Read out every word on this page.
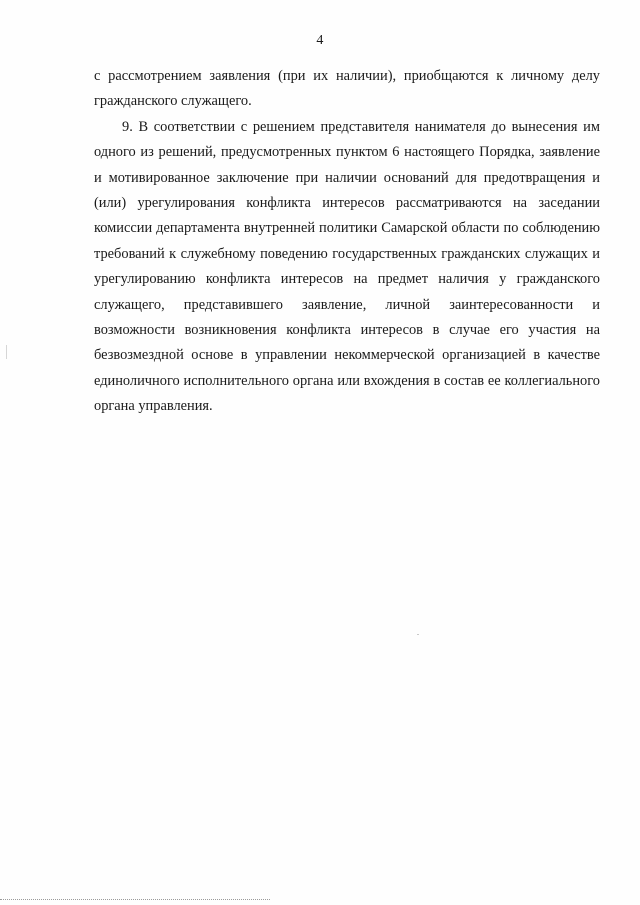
4

с рассмотрением заявления (при их наличии), приобщаются к личному делу гражданского служащего.

9. В соответствии с решением представителя нанимателя до вынесения им одного из решений, предусмотренных пунктом 6 настоящего Порядка, заявление и мотивированное заключение при наличии оснований для предотвращения и (или) урегулирования конфликта интересов рассматриваются на заседании комиссии департамента внутренней политики Самарской области по соблюдению требований к служебному поведению государственных гражданских служащих и урегулированию конфликта интересов на предмет наличия у гражданского служащего, представившего заявление, личной заинтересованности и возможности возникновения конфликта интересов в случае его участия на безвозмездной основе в управлении некоммерческой организацией в качестве единоличного исполнительного органа или вхождения в состав ее коллегиального органа управления.
